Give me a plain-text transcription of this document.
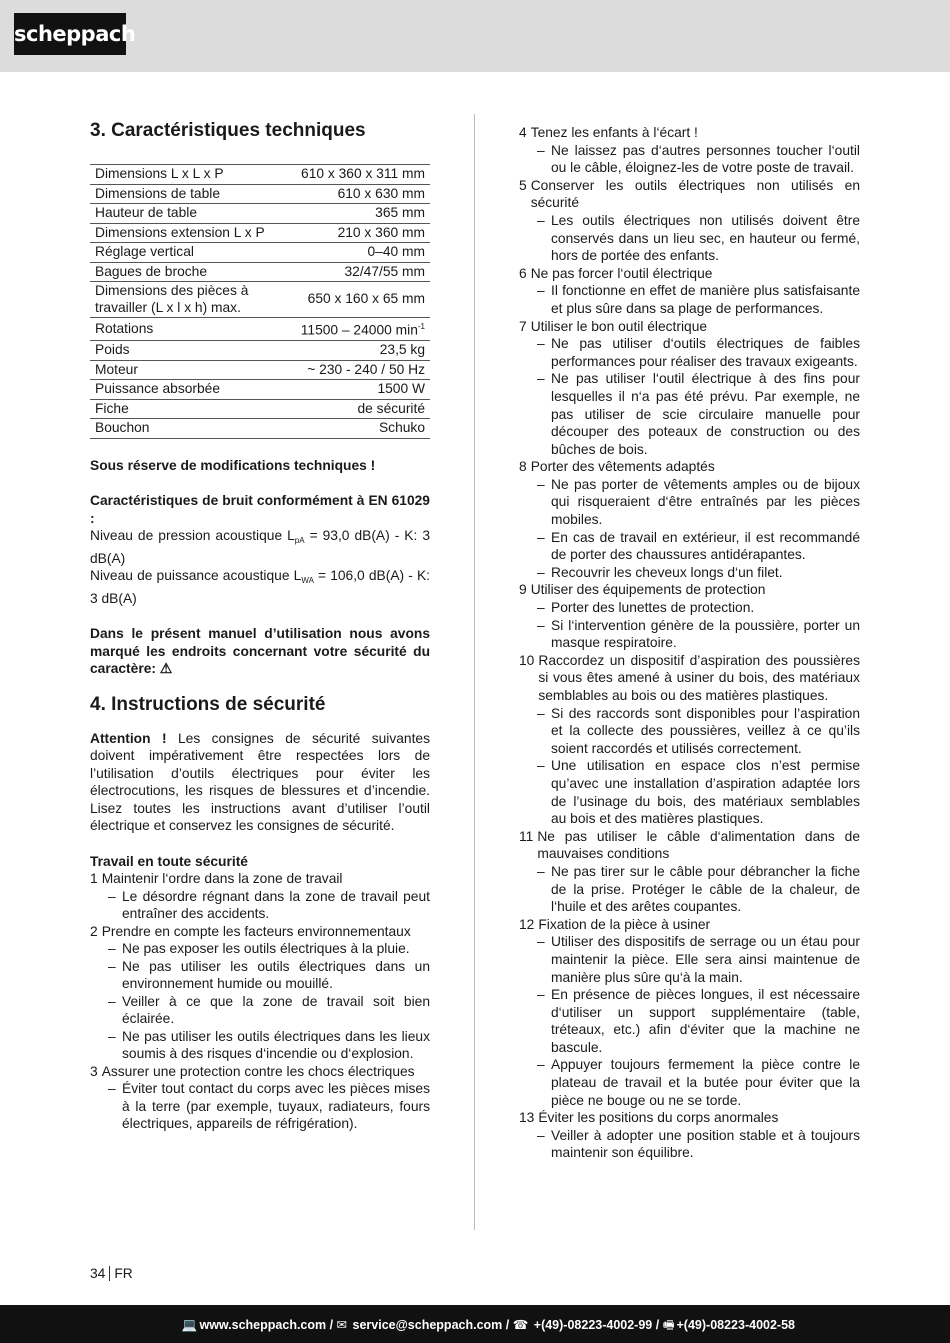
scheppach
3. Caractéristiques techniques
Dimensions L x L x P	610 x 360 x 311 mm
Dimensions de table	610 x 630 mm
Hauteur de table	365 mm
Dimensions extension L x P	210 x 360 mm
Réglage vertical	0–40 mm
Bagues de broche	32/47/55 mm
Dimensions des pièces à travailler (L x l x h) max.	650 x 160 x 65 mm
Rotations	11500 – 24000 $\min^{-1}$
Poids	23,5 kg
Moteur	~ 230 - 240 / 50 Hz
Puissance absorbée	1500 W
Fiche	de sécurité
Bouchon	Schuko

Sous réserve de modifications techniques !

Caractéristiques de bruit conformément à EN 61029 :

Niveau de pression acoustique $L_{pA} = 93,0$ dB(A) - K: 3 dB(A)

Niveau de puissance acoustique $L_{WA} = 106,0$ dB(A) - K: 3 dB(A)

Dans le présent manuel d’utilisation nous avons marqué les endroits concernant votre sécurité du caractère: ⚠

4. Instructions de sécurité

Attention ! Les consignes de sécurité suivantes doivent impérativement être respectées lors de l’utilisation d’outils électriques pour éviter les électrocutions, les risques de blessures et d’incendie. Lisez toutes les instructions avant d’utiliser l’outil électrique et conservez les consignes de sécurité.

Travail en toute sécurité

1 Maintenir l‘ordre dans la zone de travail
– Le désordre régnant dans la zone de travail peut entraîner des accidents.
2 Prendre en compte les facteurs environnementaux
– Ne pas exposer les outils électriques à la pluie.
– Ne pas utiliser les outils électriques dans un environnement humide ou mouillé.
– Veiller à ce que la zone de travail soit bien éclairée.
– Ne pas utiliser les outils électriques dans les lieux soumis à des risques d‘incendie ou d‘explosion.
3 Assurer une protection contre les chocs électriques
– Éviter tout contact du corps avec les pièces mises à la terre (par exemple, tuyaux, radiateurs, fours électriques, appareils de réfrigération).
4 Tenez les enfants à l‘écart !
– Ne laissez pas d‘autres personnes toucher l‘outil ou le câble, éloignez-les de votre poste de travail.
5 Conserver les outils électriques non utilisés en sécurité
– Les outils électriques non utilisés doivent être conservés dans un lieu sec, en hauteur ou fermé, hors de portée des enfants.
6 Ne pas forcer l‘outil électrique
– Il fonctionne en effet de manière plus satisfaisante et plus sûre dans sa plage de performances.
7 Utiliser le bon outil électrique
– Ne pas utiliser d‘outils électriques de faibles performances pour réaliser des travaux exigeants.
– Ne pas utiliser l‘outil électrique à des fins pour lesquelles il n‘a pas été prévu. Par exemple, ne pas utiliser de scie circulaire manuelle pour découper des poteaux de construction ou des bûches de bois.
8 Porter des vêtements adaptés
– Ne pas porter de vêtements amples ou de bijoux qui risqueraient d‘être entraînés par les pièces mobiles.
– En cas de travail en extérieur, il est recommandé de porter des chaussures antidérapantes.
– Recouvrir les cheveux longs d‘un filet.
9 Utiliser des équipements de protection
– Porter des lunettes de protection.
– Si l‘intervention génère de la poussière, porter un masque respiratoire.
10 Raccordez un dispositif d’aspiration des poussières si vous êtes amené à usiner du bois, des matériaux semblables au bois ou des matières plastiques.
– Si des raccords sont disponibles pour l’aspiration et la collecte des poussières, veillez à ce qu’ils soient raccordés et utilisés correctement.
– Une utilisation en espace clos n’est permise qu’avec une installation d’aspiration adaptée lors de l’usinage du bois, des matériaux semblables au bois et des matières plastiques.
11 Ne pas utiliser le câble d‘alimentation dans de mauvaises conditions
– Ne pas tirer sur le câble pour débrancher la fiche de la prise. Protéger le câble de la chaleur, de l‘huile et des arêtes coupantes.
12 Fixation de la pièce à usiner
– Utiliser des dispositifs de serrage ou un étau pour maintenir la pièce. Elle sera ainsi maintenue de manière plus sûre qu‘à la main.
– En présence de pièces longues, il est nécessaire d‘utiliser un support supplémentaire (table, tréteaux, etc.) afin d‘éviter que la machine ne bascule.
– Appuyer toujours fermement la pièce contre le plateau de travail et la butée pour éviter que la pièce ne bouge ou ne se torde.
13 Éviter les positions du corps anormales
– Veiller à adopter une position stable et à toujours maintenir son équilibre.
34 FR
💻 www.scheppach.com / ✉ service@scheppach.com / ☎ +(49)-08223-4002-99 / 🖷 +(49)-08223-4002-58
